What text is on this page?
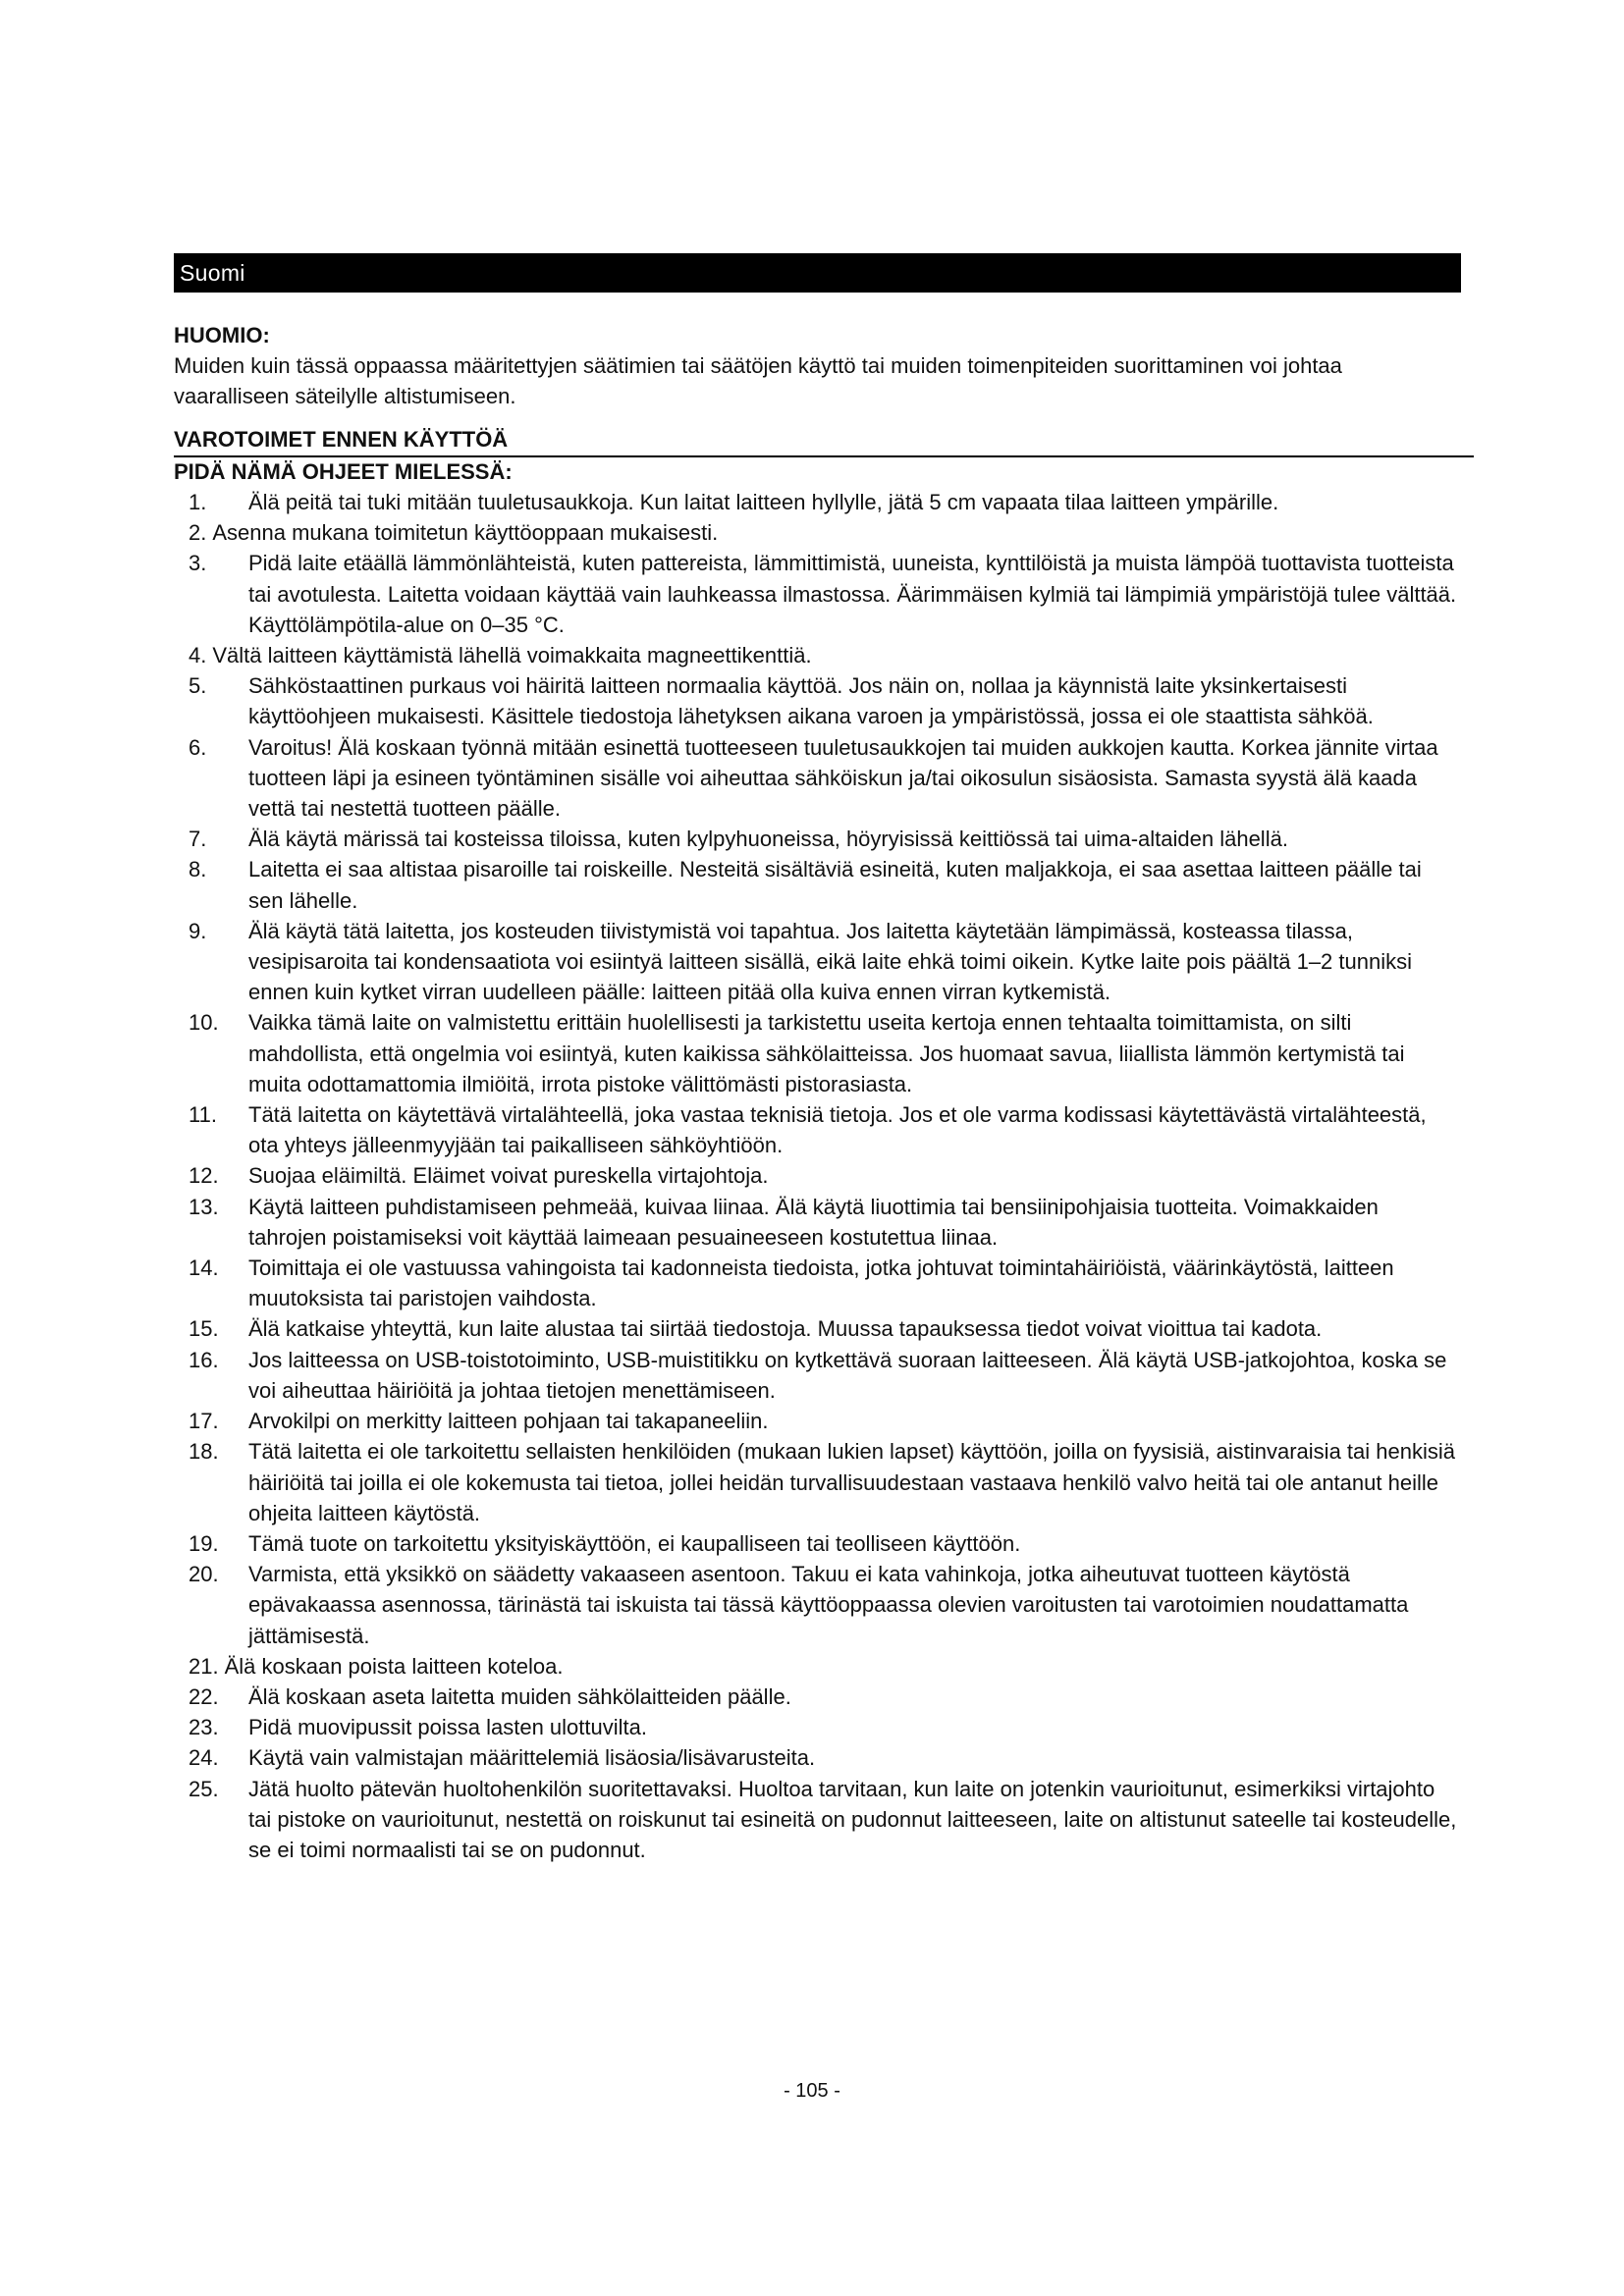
Suomi
HUOMIO:

Muiden kuin tässä oppaassa määritettyjen säätimien tai säätöjen käyttö tai muiden toimenpiteiden suorittaminen voi johtaa vaaralliseen säteilylle altistumiseen.

VAROTOIMET ENNEN KÄYTTÖÄ
PIDÄ NÄMÄ OHJEET MIELESSÄ:
1. Älä peitä tai tuki mitään tuuletusaukkoja. Kun laitat laitteen hyllylle, jätä 5 cm vapaata tilaa laitteen ympärille.
2. Asenna mukana toimitetun käyttöoppaan mukaisesti.
3. Pidä laite etäällä lämmönlähteistä, kuten pattereista, lämmittimistä, uuneista, kynttilöistä ja muista lämpöä tuottavista tuotteista tai avotulesta. Laitetta voidaan käyttää vain lauhkeassa ilmastossa. Äärimmäisen kylmiä tai lämpimiä ympäristöjä tulee välttää. Käyttölämpötila-alue on 0–35 °C.
4. Vältä laitteen käyttämistä lähellä voimakkaita magneettikenttiä.
5. Sähköstaattinen purkaus voi häiritä laitteen normaalia käyttöä. Jos näin on, nollaa ja käynnistä laite yksinkertaisesti käyttöohjeen mukaisesti. Käsittele tiedostoja lähetyksen aikana varoen ja ympäristössä, jossa ei ole staattista sähköä.
6. Varoitus! Älä koskaan työnnä mitään esinettä tuotteeseen tuuletusaukkojen tai muiden aukkojen kautta. Korkea jännite virtaa tuotteen läpi ja esineen työntäminen sisälle voi aiheuttaa sähköiskun ja/tai oikosulun sisäosista. Samasta syystä älä kaada vettä tai nestettä tuotteen päälle.
7. Älä käytä märissä tai kosteissa tiloissa, kuten kylpyhuoneissa, höyryisissä keittiössä tai uima-altaiden lähellä.
8. Laitetta ei saa altistaa pisaroille tai roiskeille. Nesteitä sisältäviä esineitä, kuten maljakkoja, ei saa asettaa laitteen päälle tai sen lähelle.
9. Älä käytä tätä laitetta, jos kosteuden tiivistymistä voi tapahtua. Jos laitetta käytetään lämpimässä, kosteassa tilassa, vesipisaroita tai kondensaatiota voi esiintyä laitteen sisällä, eikä laite ehkä toimi oikein. Kytke laite pois päältä 1–2 tunniksi ennen kuin kytket virran uudelleen päälle: laitteen pitää olla kuiva ennen virran kytkemistä.
10. Vaikka tämä laite on valmistettu erittäin huolellisesti ja tarkistettu useita kertoja ennen tehtaalta toimittamista, on silti mahdollista, että ongelmia voi esiintyä, kuten kaikissa sähkölaitteissa. Jos huomaat savua, liiallista lämmön kertymistä tai muita odottamattomia ilmiöitä, irrota pistoke välittömästi pistorasiasta.
11. Tätä laitetta on käytettävä virtalähteellä, joka vastaa teknisiä tietoja. Jos et ole varma kodissasi käytettävästä virtalähteestä, ota yhteys jälleenmyyjään tai paikalliseen sähköyhtiöön.
12. Suojaa eläimiltä. Eläimet voivat pureskella virtajohtoja.
13. Käytä laitteen puhdistamiseen pehmeää, kuivaa liinaa. Älä käytä liuottimia tai bensiinipohjaisia tuotteita. Voimakkaiden tahrojen poistamiseksi voit käyttää laimeaan pesuaineeseen kostutettua liinaa.
14. Toimittaja ei ole vastuussa vahingoista tai kadonneista tiedoista, jotka johtuvat toimintahäiriöistä, väärinkäytöstä, laitteen muutoksista tai paristojen vaihdosta.
15. Älä katkaise yhteyttä, kun laite alustaa tai siirtää tiedostoja. Muussa tapauksessa tiedot voivat vioittua tai kadota.
16. Jos laitteessa on USB-toistotoiminto, USB-muistitikku on kytkettävä suoraan laitteeseen. Älä käytä USB-jatkojohtoa, koska se voi aiheuttaa häiriöitä ja johtaa tietojen menettämiseen.
17. Arvokilpi on merkitty laitteen pohjaan tai takapaneeliin.
18. Tätä laitetta ei ole tarkoitettu sellaisten henkilöiden (mukaan lukien lapset) käyttöön, joilla on fyysisiä, aistinvaraisia tai henkisiä häiriöitä tai joilla ei ole kokemusta tai tietoa, jollei heidän turvallisuudestaan vastaava henkilö valvo heitä tai ole antanut heille ohjeita laitteen käytöstä.
19. Tämä tuote on tarkoitettu yksityiskäyttöön, ei kaupalliseen tai teolliseen käyttöön.
20. Varmista, että yksikkö on säädetty vakaaseen asentoon. Takuu ei kata vahinkoja, jotka aiheutuvat tuotteen käytöstä epävakaassa asennossa, tärinästä tai iskuista tai tässä käyttöoppaassa olevien varoitusten tai varotoimien noudattamatta jättämisestä.
21. Älä koskaan poista laitteen koteloa.
22. Älä koskaan aseta laitetta muiden sähkölaitteiden päälle.
23. Pidä muovipussit poissa lasten ulottuvilta.
24. Käytä vain valmistajan määrittelemiä lisäosia/lisävarusteita.
25. Jätä huolto pätevän huoltohenkilön suoritettavaksi. Huoltoa tarvitaan, kun laite on jotenkin vaurioitunut, esimerkiksi virtajohto tai pistoke on vaurioitunut, nestettä on roiskunut tai esineitä on pudonnut laitteeseen, laite on altistunut sateelle tai kosteudelle, se ei toimi normaalisti tai se on pudonnut.
- 105 -
